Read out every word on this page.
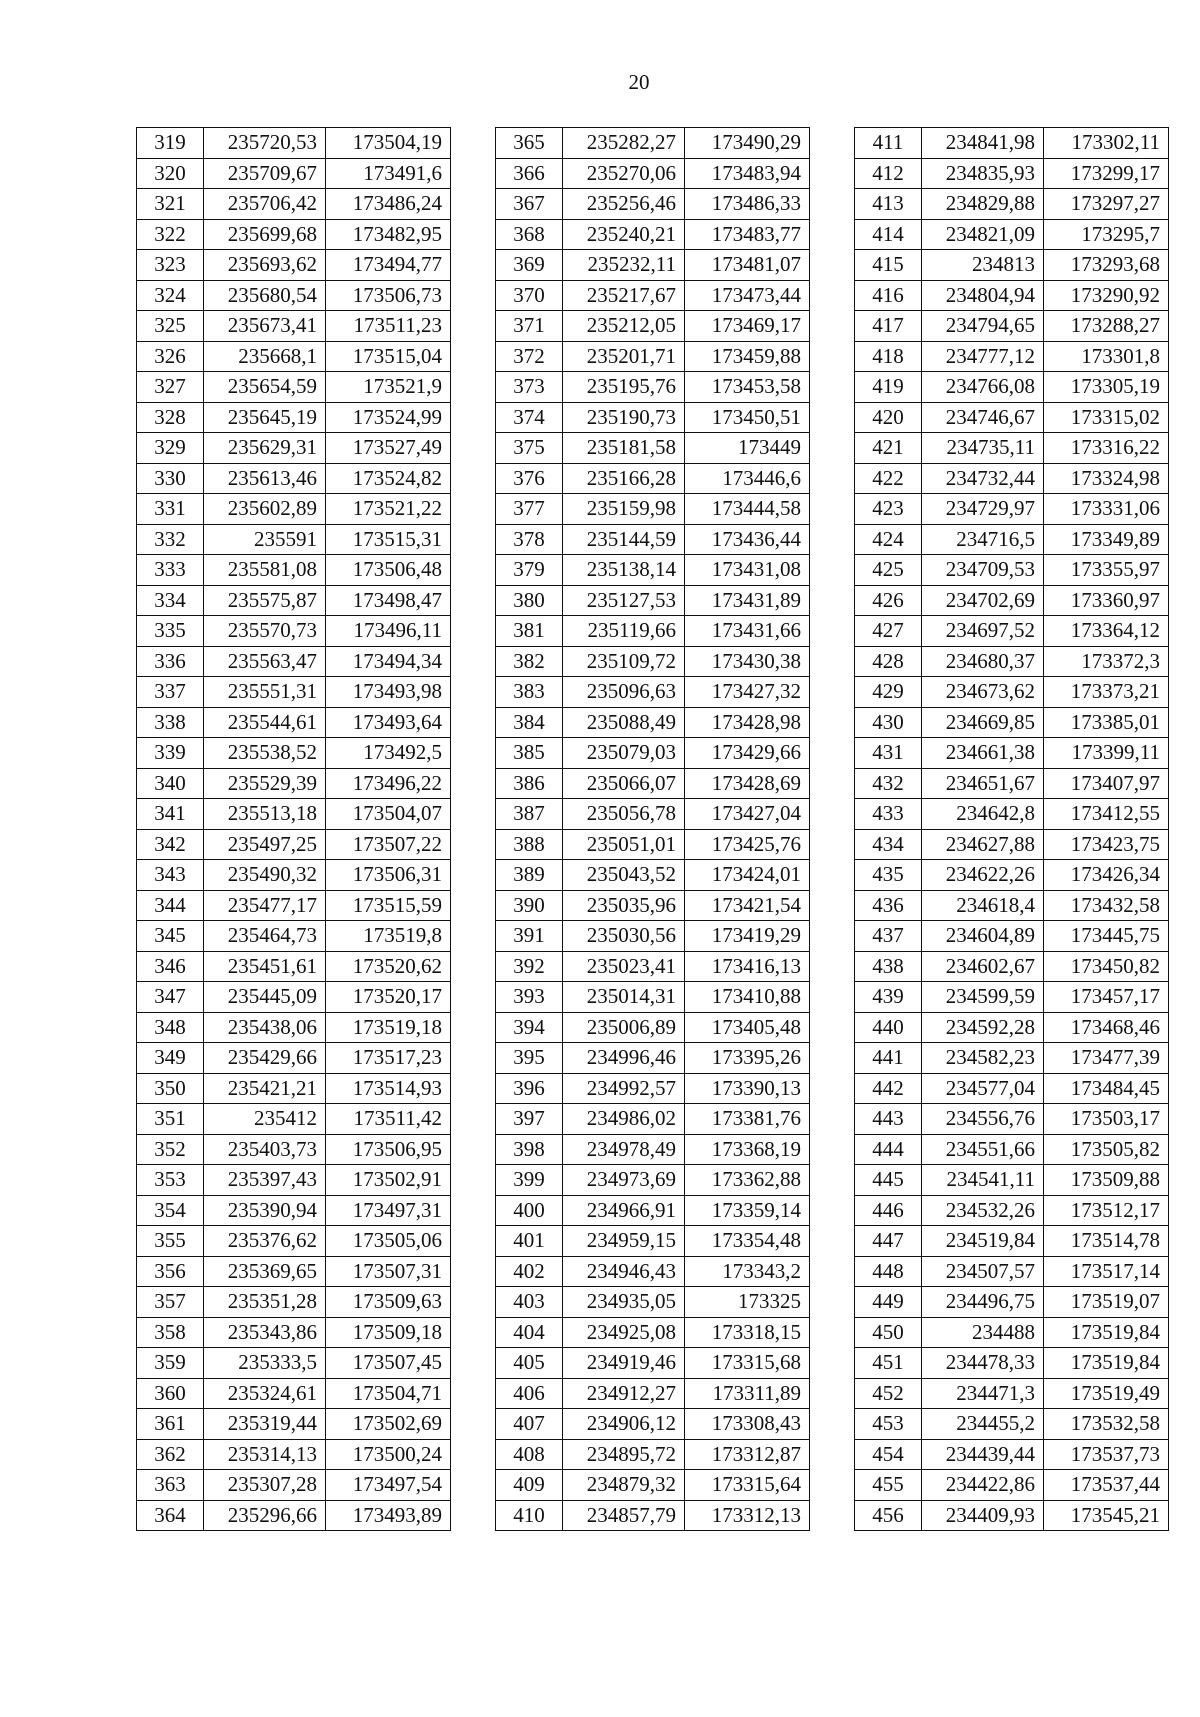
20
319	235720,53	173504,19
320	235709,67	173491,6
321	235706,42	173486,24
322	235699,68	173482,95
323	235693,62	173494,77
324	235680,54	173506,73
325	235673,41	173511,23
326	235668,1	173515,04
327	235654,59	173521,9
328	235645,19	173524,99
329	235629,31	173527,49
330	235613,46	173524,82
331	235602,89	173521,22
332	235591	173515,31
333	235581,08	173506,48
334	235575,87	173498,47
335	235570,73	173496,11
336	235563,47	173494,34
337	235551,31	173493,98
338	235544,61	173493,64
339	235538,52	173492,5
340	235529,39	173496,22
341	235513,18	173504,07
342	235497,25	173507,22
343	235490,32	173506,31
344	235477,17	173515,59
345	235464,73	173519,8
346	235451,61	173520,62
347	235445,09	173520,17
348	235438,06	173519,18
349	235429,66	173517,23
350	235421,21	173514,93
351	235412	173511,42
352	235403,73	173506,95
353	235397,43	173502,91
354	235390,94	173497,31
355	235376,62	173505,06
356	235369,65	173507,31
357	235351,28	173509,63
358	235343,86	173509,18
359	235333,5	173507,45
360	235324,61	173504,71
361	235319,44	173502,69
362	235314,13	173500,24
363	235307,28	173497,54
364	235296,66	173493,89
365	235282,27	173490,29
366	235270,06	173483,94
367	235256,46	173486,33
368	235240,21	173483,77
369	235232,11	173481,07
370	235217,67	173473,44
371	235212,05	173469,17
372	235201,71	173459,88
373	235195,76	173453,58
374	235190,73	173450,51
375	235181,58	173449
376	235166,28	173446,6
377	235159,98	173444,58
378	235144,59	173436,44
379	235138,14	173431,08
380	235127,53	173431,89
381	235119,66	173431,66
382	235109,72	173430,38
383	235096,63	173427,32
384	235088,49	173428,98
385	235079,03	173429,66
386	235066,07	173428,69
387	235056,78	173427,04
388	235051,01	173425,76
389	235043,52	173424,01
390	235035,96	173421,54
391	235030,56	173419,29
392	235023,41	173416,13
393	235014,31	173410,88
394	235006,89	173405,48
395	234996,46	173395,26
396	234992,57	173390,13
397	234986,02	173381,76
398	234978,49	173368,19
399	234973,69	173362,88
400	234966,91	173359,14
401	234959,15	173354,48
402	234946,43	173343,2
403	234935,05	173325
404	234925,08	173318,15
405	234919,46	173315,68
406	234912,27	173311,89
407	234906,12	173308,43
408	234895,72	173312,87
409	234879,32	173315,64
410	234857,79	173312,13
411	234841,98	173302,11
412	234835,93	173299,17
413	234829,88	173297,27
414	234821,09	173295,7
415	234813	173293,68
416	234804,94	173290,92
417	234794,65	173288,27
418	234777,12	173301,8
419	234766,08	173305,19
420	234746,67	173315,02
421	234735,11	173316,22
422	234732,44	173324,98
423	234729,97	173331,06
424	234716,5	173349,89
425	234709,53	173355,97
426	234702,69	173360,97
427	234697,52	173364,12
428	234680,37	173372,3
429	234673,62	173373,21
430	234669,85	173385,01
431	234661,38	173399,11
432	234651,67	173407,97
433	234642,8	173412,55
434	234627,88	173423,75
435	234622,26	173426,34
436	234618,4	173432,58
437	234604,89	173445,75
438	234602,67	173450,82
439	234599,59	173457,17
440	234592,28	173468,46
441	234582,23	173477,39
442	234577,04	173484,45
443	234556,76	173503,17
444	234551,66	173505,82
445	234541,11	173509,88
446	234532,26	173512,17
447	234519,84	173514,78
448	234507,57	173517,14
449	234496,75	173519,07
450	234488	173519,84
451	234478,33	173519,84
452	234471,3	173519,49
453	234455,2	173532,58
454	234439,44	173537,73
455	234422,86	173537,44
456	234409,93	173545,21
